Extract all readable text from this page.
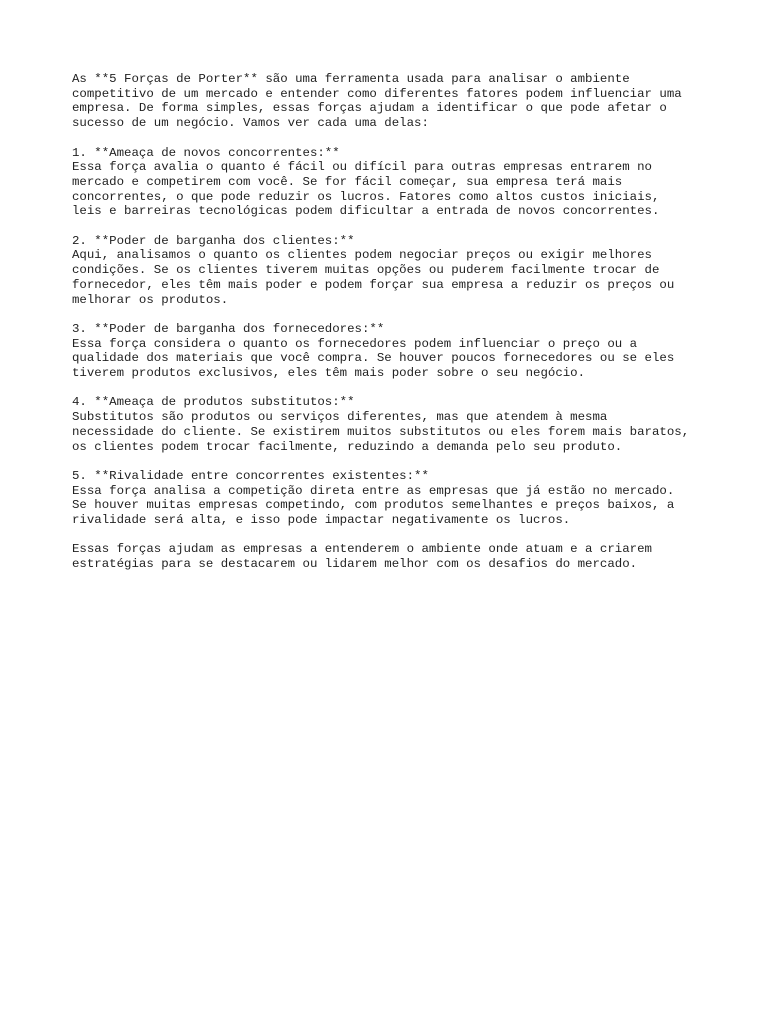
As **5 Forças de Porter** são uma ferramenta usada para analisar o ambiente
competitivo de um mercado e entender como diferentes fatores podem influenciar uma
empresa. De forma simples, essas forças ajudam a identificar o que pode afetar o
sucesso de um negócio. Vamos ver cada uma delas:

1. **Ameaça de novos concorrentes:**
Essa força avalia o quanto é fácil ou difícil para outras empresas entrarem no
mercado e competirem com você. Se for fácil começar, sua empresa terá mais
concorrentes, o que pode reduzir os lucros. Fatores como altos custos iniciais,
leis e barreiras tecnológicas podem dificultar a entrada de novos concorrentes.

2. **Poder de barganha dos clientes:**
Aqui, analisamos o quanto os clientes podem negociar preços ou exigir melhores
condições. Se os clientes tiverem muitas opções ou puderem facilmente trocar de
fornecedor, eles têm mais poder e podem forçar sua empresa a reduzir os preços ou
melhorar os produtos.

3. **Poder de barganha dos fornecedores:**
Essa força considera o quanto os fornecedores podem influenciar o preço ou a
qualidade dos materiais que você compra. Se houver poucos fornecedores ou se eles
tiverem produtos exclusivos, eles têm mais poder sobre o seu negócio.

4. **Ameaça de produtos substitutos:**
Substitutos são produtos ou serviços diferentes, mas que atendem à mesma
necessidade do cliente. Se existirem muitos substitutos ou eles forem mais baratos,
os clientes podem trocar facilmente, reduzindo a demanda pelo seu produto.

5. **Rivalidade entre concorrentes existentes:**
Essa força analisa a competição direta entre as empresas que já estão no mercado.
Se houver muitas empresas competindo, com produtos semelhantes e preços baixos, a
rivalidade será alta, e isso pode impactar negativamente os lucros.

Essas forças ajudam as empresas a entenderem o ambiente onde atuam e a criarem
estratégias para se destacarem ou lidarem melhor com os desafios do mercado.
